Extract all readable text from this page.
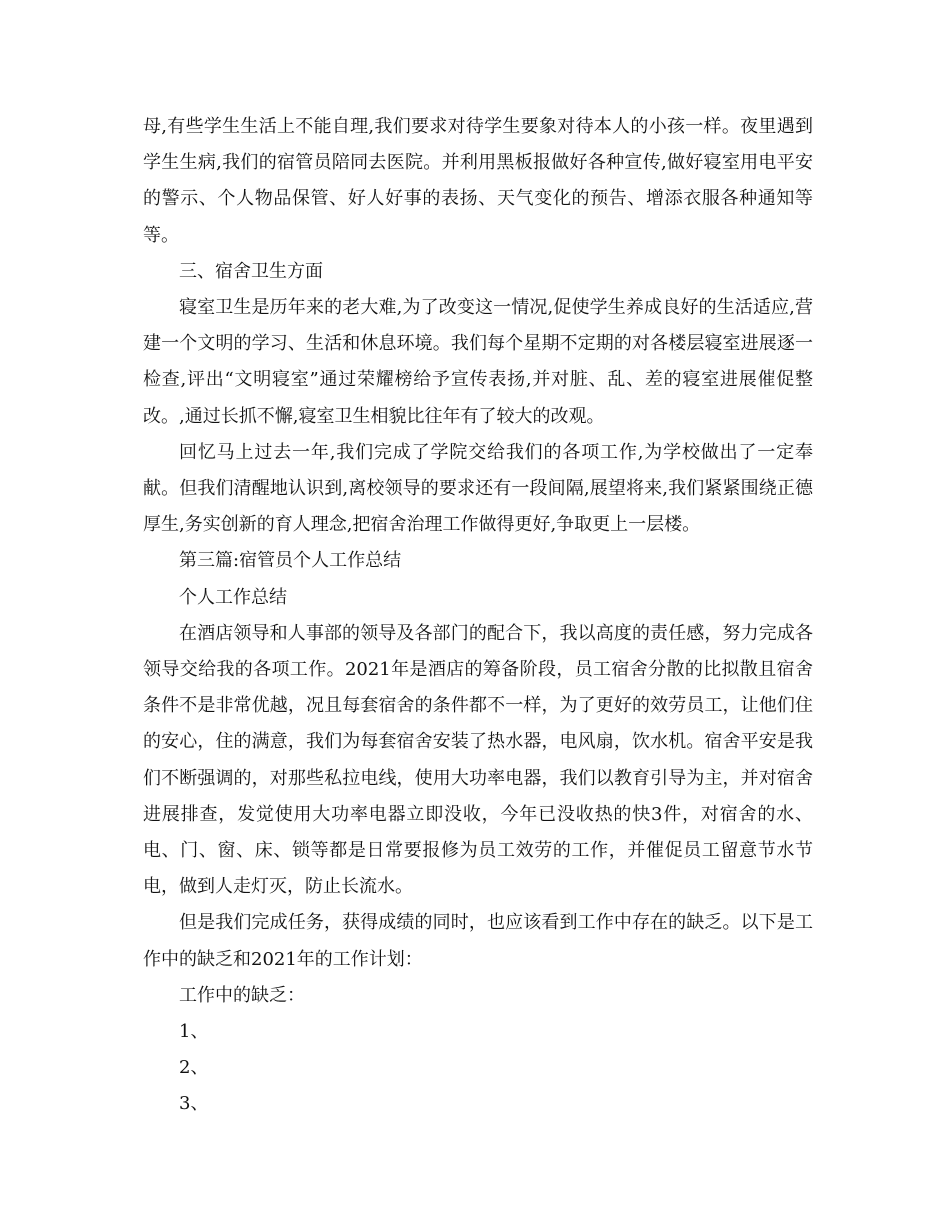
母,有些学生生活上不能自理,我们要求对待学生要象对待本人的小孩一样。夜里遇到学生生病,我们的宿管员陪同去医院。并利用黑板报做好各种宣传,做好寝室用电平安的警示、个人物品保管、好人好事的表扬、天气变化的预告、增添衣服各种通知等等。

三、宿舍卫生方面

寝室卫生是历年来的老大难,为了改变这一情况,促使学生养成良好的生活适应,营建一个文明的学习、生活和休息环境。我们每个星期不定期的对各楼层寝室进展逐一检查,评出“文明寝室”通过荣耀榜给予宣传表扬,并对脏、乱、差的寝室进展催促整改。,通过长抓不懈,寝室卫生相貌比往年有了较大的改观。

回忆马上过去一年,我们完成了学院交给我们的各项工作,为学校做出了一定奉献。但我们清醒地认识到,离校领导的要求还有一段间隔,展望将来,我们紧紧围绕正德厚生,务实创新的育人理念,把宿舍治理工作做得更好,争取更上一层楼。

第三篇:宿管员个人工作总结

个人工作总结

在酒店领导和人事部的领导及各部门的配合下，我以高度的责任感，努力完成各领导交给我的各项工作。2021年是酒店的筹备阶段，员工宿舍分散的比拟散且宿舍条件不是非常优越，况且每套宿舍的条件都不一样，为了更好的效劳员工，让他们住的安心，住的满意，我们为每套宿舍安装了热水器，电风扇，饮水机。宿舍平安是我们不断强调的，对那些私拉电线，使用大功率电器，我们以教育引导为主，并对宿舍进展排查，发觉使用大功率电器立即没收，今年已没收热的快3件，对宿舍的水、电、门、窗、床、锁等都是日常要报修为员工效劳的工作，并催促员工留意节水节电，做到人走灯灭，防止长流水。

但是我们完成任务，获得成绩的同时，也应该看到工作中存在的缺乏。以下是工作中的缺乏和2021年的工作计划：

工作中的缺乏：

1、

2、

3、
